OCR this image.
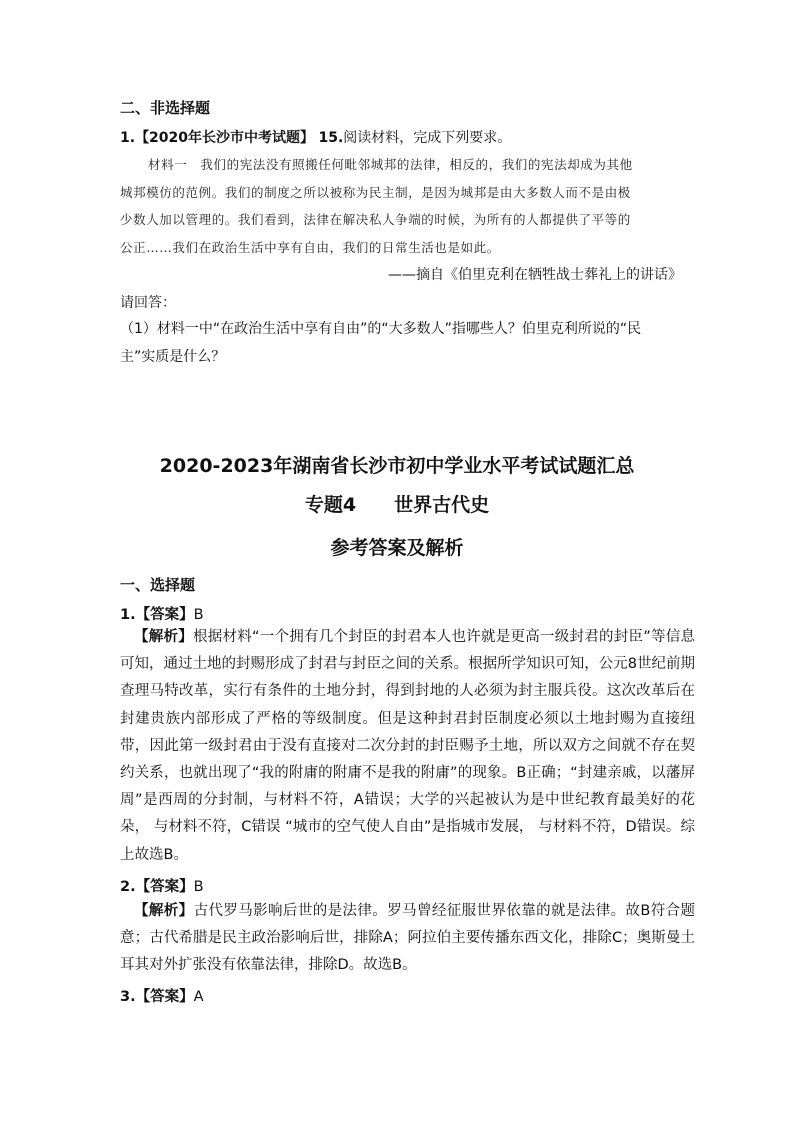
二、非选择题
1.【2020年长沙市中考试题】 15.阅读材料，完成下列要求。
材料一　我们的宪法没有照搬任何毗邻城邦的法律，相反的，我们的宪法却成为其他
城邦模仿的范例。我们的制度之所以被称为民主制，是因为城邦是由大多数人而不是由极
少数人加以管理的。我们看到，法律在解决私人争端的时候，为所有的人都提供了平等的
公正……我们在政治生活中享有自由，我们的日常生活也是如此。
——摘自《伯里克利在牺牲战士葬礼上的讲话》
请回答：
（1）材料一中“在政治生活中享有自由”的“大多数人”指哪些人？伯里克利所说的“民
主”实质是什么？
2020-2023年湖南省长沙市初中学业水平考试试题汇总
专题4　　世界古代史
参考答案及解析
一、选择题
1.【答案】B
【解析】根据材料“一个拥有几个封臣的封君本人也许就是更高一级封君的封臣”等信息可知，通过土地的封赐形成了封君与封臣之间的关系。根据所学知识可知，公元8世纪前期查理马特改革，实行有条件的土地分封，得到封地的人必须为封主服兵役。这次改革后在封建贵族内部形成了严格的等级制度。但是这种封君封臣制度必须以土地封赐为直接纽带，因此第一级封君由于没有直接对二次分封的封臣赐予土地，所以双方之间就不存在契约关系，也就出现了“我的附庸的附庸不是我的附庸”的现象。B正确；“封建亲戚，以藩屏周”是西周的分封制，与材料不符，A错误；大学的兴起被认为是中世纪教育最美好的花朵， 与材料不符，C错误 “城市的空气使人自由”是指城市发展， 与材料不符，D错误。综上故选B。
2.【答案】B
【解析】古代罗马影响后世的是法律。罗马曾经征服世界依靠的就是法律。故B符合题意；古代希腊是民主政治影响后世，排除A；阿拉伯主要传播东西文化，排除C；奥斯曼土耳其对外扩张没有依靠法律，排除D。故选B。
3.【答案】A
